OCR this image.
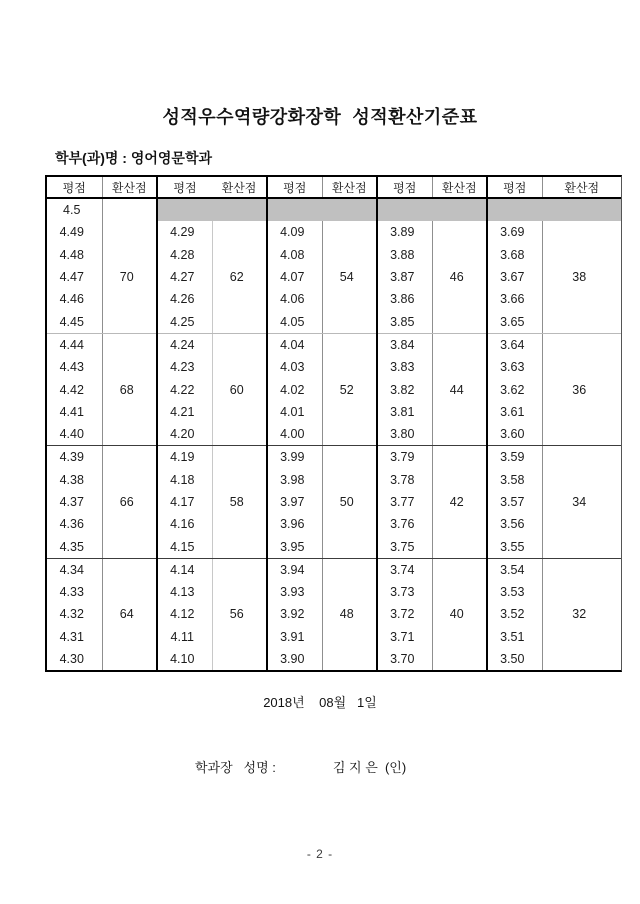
성적우수역량강화장학  성적환산기준표
학부(과)명 : 영어영문학과
평점	환산점	평점	환산점	평점	환산점	평점	환산점	평점	환산점
4.5									
4.49		4.29		4.09		3.89		3.69	
4.48		4.28		4.08		3.88		3.68	
4.47	70	4.27	62	4.07	54	3.87	46	3.67	38
4.46		4.26		4.06		3.86		3.66	
4.45		4.25		4.05		3.85		3.65	
4.44		4.24		4.04		3.84		3.64	
4.43		4.23		4.03		3.83		3.63	
4.42	68	4.22	60	4.02	52	3.82	44	3.62	36
4.41		4.21		4.01		3.81		3.61	
4.40		4.20		4.00		3.80		3.60	
4.39		4.19		3.99		3.79		3.59	
4.38		4.18		3.98		3.78		3.58	
4.37	66	4.17	58	3.97	50	3.77	42	3.57	34
4.36		4.16		3.96		3.76		3.56	
4.35		4.15		3.95		3.75		3.55	
4.34		4.14		3.94		3.74		3.54	
4.33		4.13		3.93		3.73		3.53	
4.32	64	4.12	56	3.92	48	3.72	40	3.52	32
4.31		4.11		3.91		3.71		3.51	
4.30		4.10		3.90		3.70		3.50	
2018년    08월   1일
학과장   성명 :	김 지 은  (인)
- 2 -
